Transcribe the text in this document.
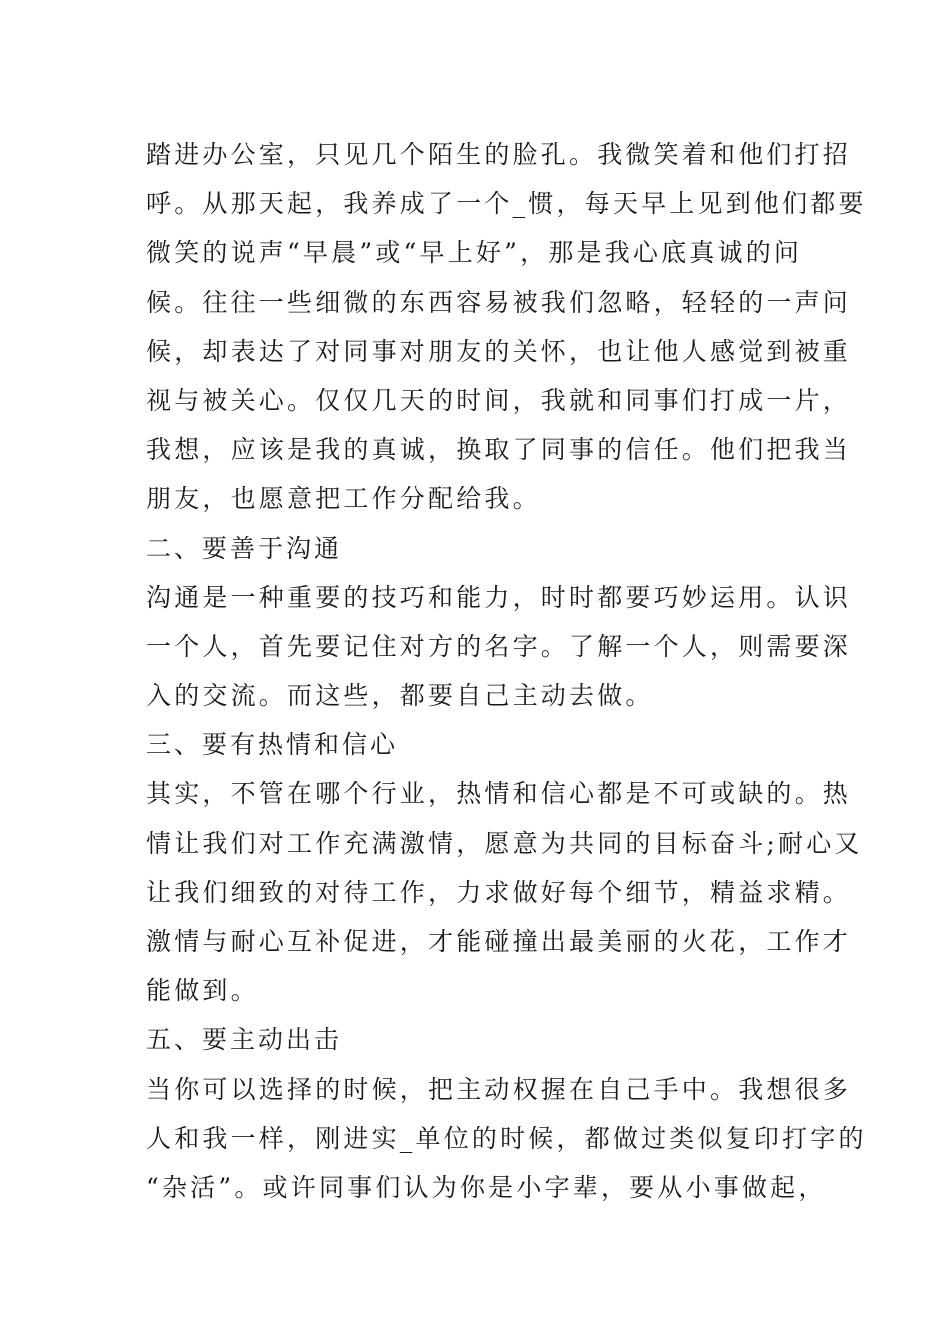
踏进办公室，只见几个陌生的脸孔。我微笑着和他们打招
呼。从那天起，我养成了一个_惯，每天早上见到他们都要
微笑的说声“早晨”或“早上好”，那是我心底真诚的问
候。往往一些细微的东西容易被我们忽略，轻轻的一声问
候，却表达了对同事对朋友的关怀，也让他人感觉到被重
视与被关心。仅仅几天的时间，我就和同事们打成一片，
我想，应该是我的真诚，换取了同事的信任。他们把我当
朋友，也愿意把工作分配给我。
二、要善于沟通
沟通是一种重要的技巧和能力，时时都要巧妙运用。认识
一个人，首先要记住对方的名字。了解一个人，则需要深
入的交流。而这些，都要自己主动去做。
三、要有热情和信心
其实，不管在哪个行业，热情和信心都是不可或缺的。热
情让我们对工作充满激情，愿意为共同的目标奋斗;耐心又
让我们细致的对待工作，力求做好每个细节，精益求精。
激情与耐心互补促进，才能碰撞出最美丽的火花，工作才
能做到。
五、要主动出击
当你可以选择的时候，把主动权握在自己手中。我想很多
人和我一样，刚进实_单位的时候，都做过类似复印打字的
“杂活”。或许同事们认为你是小字辈，要从小事做起，
